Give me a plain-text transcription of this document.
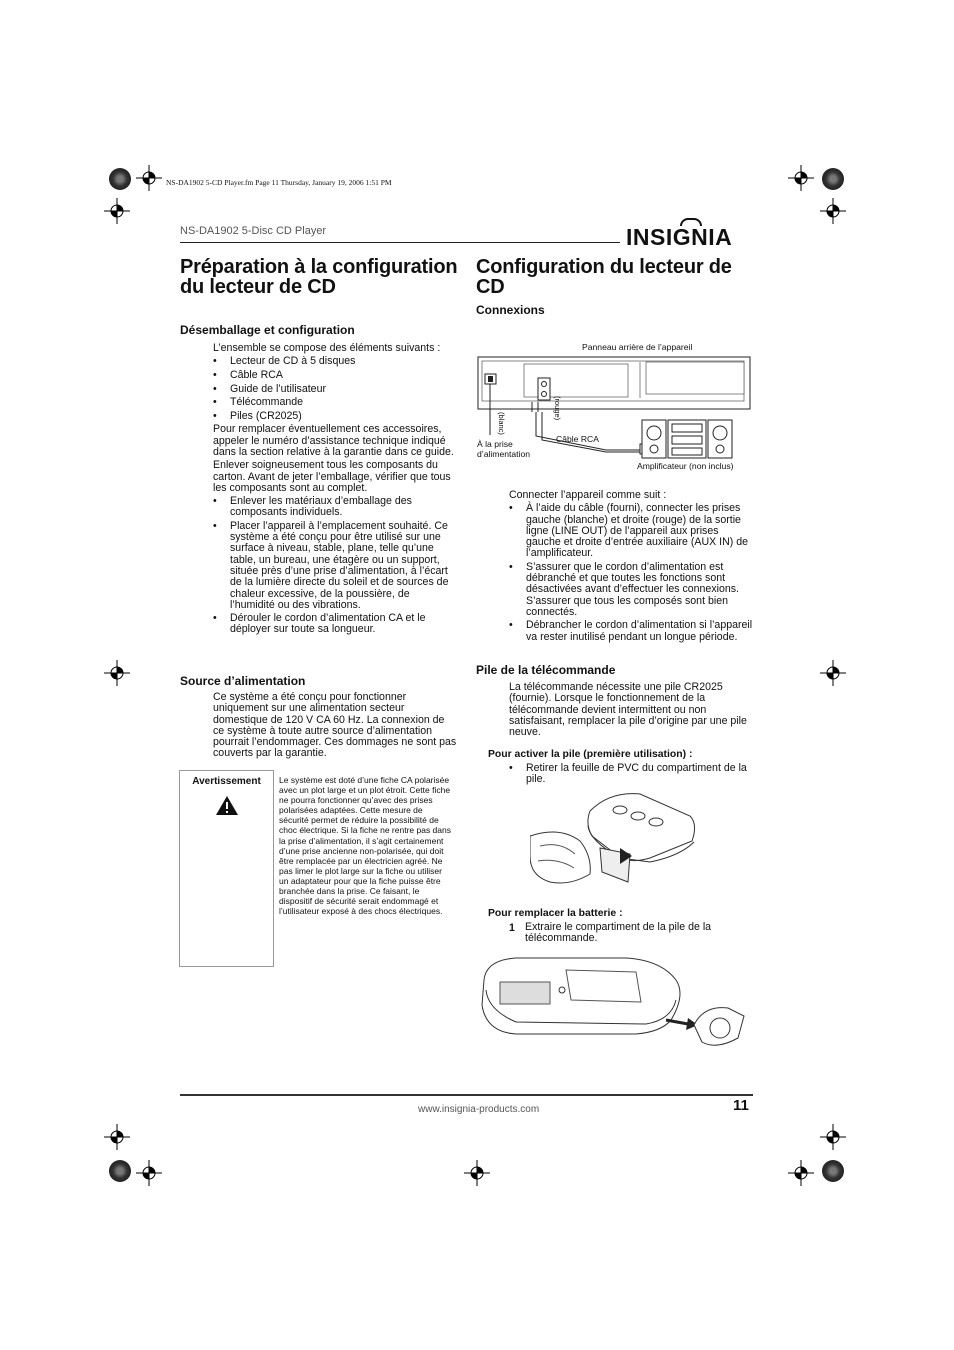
NS-DA1902 5-CD Player.fm Page 11 Thursday, January 19, 2006 1:51 PM
NS-DA1902 5-Disc CD Player	INSIGNIA
Préparation à la configuration du lecteur de CD
Désemballage et configuration

L’ensemble se compose des éléments suivants :

• Lecteur de CD à 5 disques
• Câble RCA
• Guide de l’utilisateur
• Télécommande
• Piles (CR2025)

Pour remplacer éventuellement ces accessoires, appeler le numéro d’assistance technique indiqué dans la section relative à la garantie dans ce guide.

Enlever soigneusement tous les composants du carton. Avant de jeter l’emballage, vérifier que tous les composants sont au complet.

• Enlever les matériaux d’emballage des composants individuels.
• Placer l’appareil à l’emplacement souhaité. Ce système a été conçu pour être utilisé sur une surface à niveau, stable, plane, telle qu’une table, un bureau, une étagère ou un support, située près d’une prise d’alimentation, à l’écart de la lumière directe du soleil et de sources de chaleur excessive, de la poussière, de l’humidité ou des vibrations.
• Dérouler le cordon d’alimentation CA et le déployer sur toute sa longueur.
Source d’alimentation

Ce système a été conçu pour fonctionner uniquement sur une alimentation secteur domestique de 120 V CA 60 Hz. La connexion de ce système à toute autre source d’alimentation pourrait l’endommager. Ces dommages ne sont pas couverts par la garantie.

Avertissement	Le système est doté d’une fiche CA polarisée avec un plot large et un plot étroit. Cette fiche ne pourra fonctionner qu’avec des prises polarisées adaptées. Cette mesure de sécurité permet de réduire la possibilité de choc électrique. Si la fiche ne rentre pas dans la prise d’alimentation, il s’agit certainement d’une prise ancienne non-polarisée, qui doit être remplacée par un électricien agréé. Ne pas limer le plot large sur la fiche ou utiliser un adaptateur pour que la fiche puisse être branchée dans la prise. Ce faisant, le dispositif de sécurité serait endommagé et l’utilisateur exposé à des chocs électriques.

Configuration du lecteur de CD
Connexions
Panneau arrière de l’appareil
(blanc)
(rouge)
À la prise d’alimentation
Câble RCA
Amplificateur (non inclus)

Connecter l’appareil comme suit :

• À l’aide du câble (fourni), connecter les prises gauche (blanche) et droite (rouge) de la sortie ligne (LINE OUT) de l’appareil aux prises gauche et droite d’entrée auxiliaire (AUX IN) de l’amplificateur.
• S’assurer que le cordon d’alimentation est débranché et que toutes les fonctions sont désactivées avant d’effectuer les connexions. S’assurer que tous les composés sont bien connectés.
• Débrancher le cordon d’alimentation si l’appareil va rester inutilisé pendant un longue période.
Pile de la télécommande

La télécommande nécessite une pile CR2025 (fournie). Lorsque le fonctionnement de la télécommande devient intermittent ou non satisfaisant, remplacer la pile d’origine par une pile neuve.

Pour activer la pile (première utilisation) :
• Retirer la feuille de PVC du compartiment de la pile.
Pour remplacer la batterie :
1 Extraire le compartiment de la pile de la télécommande.

www.insignia-products.com	11
